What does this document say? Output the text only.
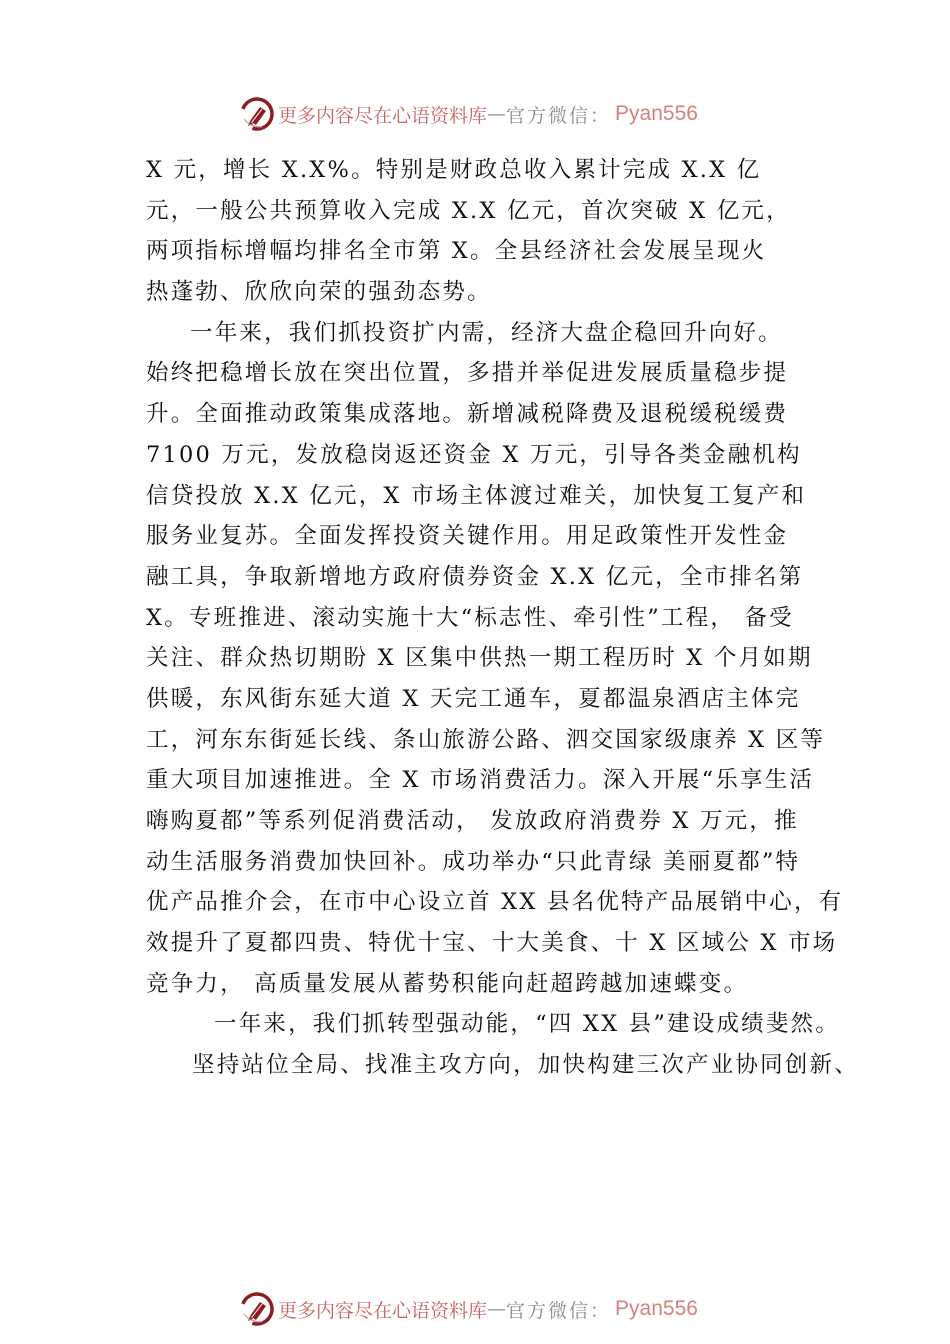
更多内容尽在心语资料库 — 官方微信： Pyan556
X 元，增长 X.X%。特别是财政总收入累计完成 X.X 亿
元，一般公共预算收入完成 X.X 亿元，首次突破 X 亿元，
两项指标增幅均排名全市第 X。全县经济社会发展呈现火
热蓬勃、欣欣向荣的强劲态势。
一年来，我们抓投资扩内需，经济大盘企稳回升向好。
始终把稳增长放在突出位置，多措并举促进发展质量稳步提
升。全面推动政策集成落地。新增减税降费及退税缓税缓费
7100 万元，发放稳岗返还资金 X 万元，引导各类金融机构
信贷投放 X.X 亿元，X 市场主体渡过难关，加快复工复产和
服务业复苏。全面发挥投资关键作用。用足政策性开发性金
融工具，争取新增地方政府债券资金 X.X 亿元，全市排名第
X。专班推进、滚动实施十大“标志性、牵引性”工程， 备受
关注、群众热切期盼 X 区集中供热一期工程历时 X 个月如期
供暖，东风街东延大道 X 天完工通车，夏都温泉酒店主体完
工，河东东街延长线、条山旅游公路、泗交国家级康养 X 区等
重大项目加速推进。全 X 市场消费活力。深入开展“乐享生活
嗨购夏都”等系列促消费活动， 发放政府消费券 X 万元，推
动生活服务消费加快回补。成功举办“只此青绿 美丽夏都”特
优产品推介会，在市中心设立首 XX 县名优特产品展销中心，有
效提升了夏都四贵、特优十宝、十大美食、十 X 区域公 X 市场
竞争力， 高质量发展从蓄势积能向赶超跨越加速蝶变。
一年来，我们抓转型强动能，“四 XX 县”建设成绩斐然。
坚持站位全局、找准主攻方向，加快构建三次产业协同创新、
更多内容尽在心语资料库 — 官方微信： Pyan556
